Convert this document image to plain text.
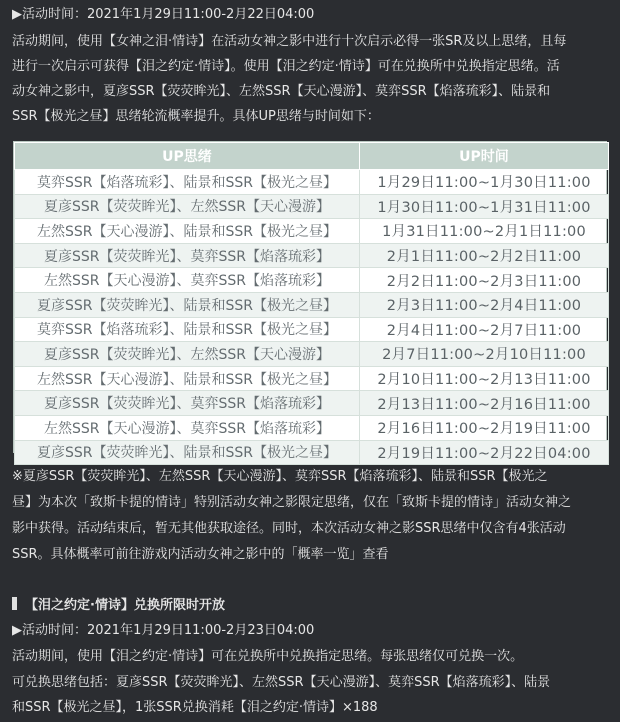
▶活动时间：2021年1月29日11:00-2月22日04:00
活动期间，使用【女神之泪·情诗】在活动女神之影中进行十次启示必得一张SR及以上思绪，且每
进行一次启示可获得【泪之约定·情诗】。使用【泪之约定·情诗】可在兑换所中兑换指定思绪。活
动女神之影中，夏彦SSR【荧荧眸光】、左然SSR【天心漫游】、莫弈SSR【焰落琉彩】、陆景和
SSR【极光之昼】思绪轮流概率提升。具体UP思绪与时间如下：
UP思绪	UP时间
莫弈SSR【焰落琉彩】、陆景和SSR【极光之昼】	1月29日11:00~1月30日11:00
夏彦SSR【荧荧眸光】、左然SSR【天心漫游】	1月30日11:00~1月31日11:00
左然SSR【天心漫游】、陆景和SSR【极光之昼】	1月31日11:00~2月1日11:00
夏彦SSR【荧荧眸光】、莫弈SSR【焰落琉彩】	2月1日11:00~2月2日11:00
左然SSR【天心漫游】、莫弈SSR【焰落琉彩】	2月2日11:00~2月3日11:00
夏彦SSR【荧荧眸光】、陆景和SSR【极光之昼】	2月3日11:00~2月4日11:00
莫弈SSR【焰落琉彩】、陆景和SSR【极光之昼】	2月4日11:00~2月7日11:00
夏彦SSR【荧荧眸光】、左然SSR【天心漫游】	2月7日11:00~2月10日11:00
左然SSR【天心漫游】、陆景和SSR【极光之昼】	2月10日11:00~2月13日11:00
夏彦SSR【荧荧眸光】、莫弈SSR【焰落琉彩】	2月13日11:00~2月16日11:00
左然SSR【天心漫游】、莫弈SSR【焰落琉彩】	2月16日11:00~2月19日11:00
夏彦SSR【荧荧眸光】、陆景和SSR【极光之昼】	2月19日11:00~2月22日04:00
※夏彦SSR【荧荧眸光】、左然SSR【天心漫游】、莫弈SSR【焰落琉彩】、陆景和SSR【极光之
昼】为本次「致斯卡提的情诗」特别活动女神之影限定思绪，仅在「致斯卡提的情诗」活动女神之
影中获得。活动结束后，暂无其他获取途径。同时，本次活动女神之影SSR思绪中仅含有4张活动
SSR。具体概率可前往游戏内活动女神之影中的「概率一览」查看
【泪之约定·情诗】兑换所限时开放
▶活动时间：2021年1月29日11:00-2月23日04:00
活动期间，使用【泪之约定·情诗】可在兑换所中兑换指定思绪。每张思绪仅可兑换一次。
可兑换思绪包括：夏彦SSR【荧荧眸光】、左然SSR【天心漫游】、莫弈SSR【焰落琉彩】、陆景
和SSR【极光之昼】，1张SSR兑换消耗【泪之约定·情诗】×188
